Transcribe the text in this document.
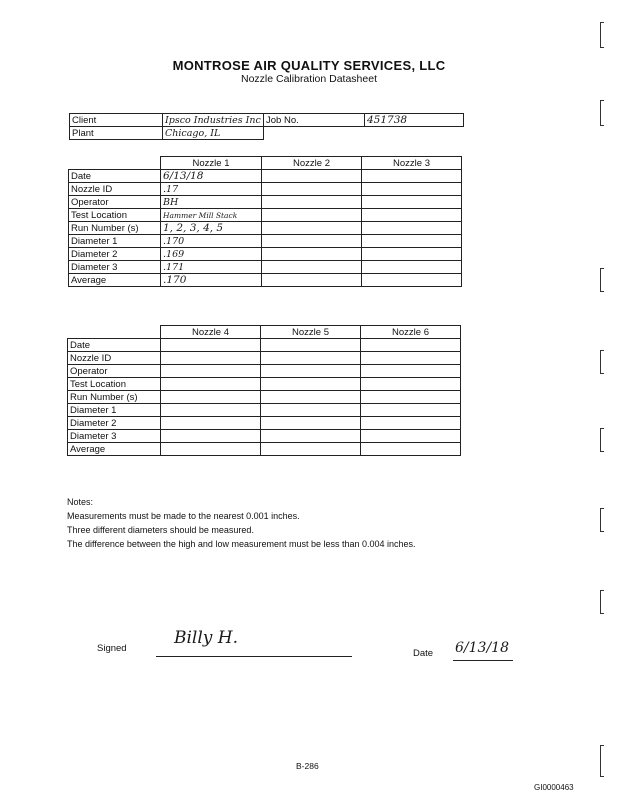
MONTROSE AIR QUALITY SERVICES, LLC
Nozzle Calibration Datasheet
Client	Ipsco Industries Inc	Job No.	451738
Plant	Chicago, IL		
	Nozzle 1	Nozzle 2	Nozzle 3
Date	6/13/18		
Nozzle ID	.17		
Operator	BH		
Test Location	Hammer Mill Stack		
Run Number (s)	1, 2, 3, 4, 5		
Diameter 1	.170		
Diameter 2	.169		
Diameter 3	.171		
Average	.170		
	Nozzle 4	Nozzle 5	Nozzle 6
Date			
Nozzle ID			
Operator			
Test Location			
Run Number (s)			
Diameter 1			
Diameter 2			
Diameter 3			
Average			
Notes:
Measurements must be made to the nearest 0.001 inches.
Three different diameters should be measured.
The difference between the high and low measurement must be less than 0.004 inches.
Signed
Billy H.
Date 6/13/18
B-286
GI0000463
